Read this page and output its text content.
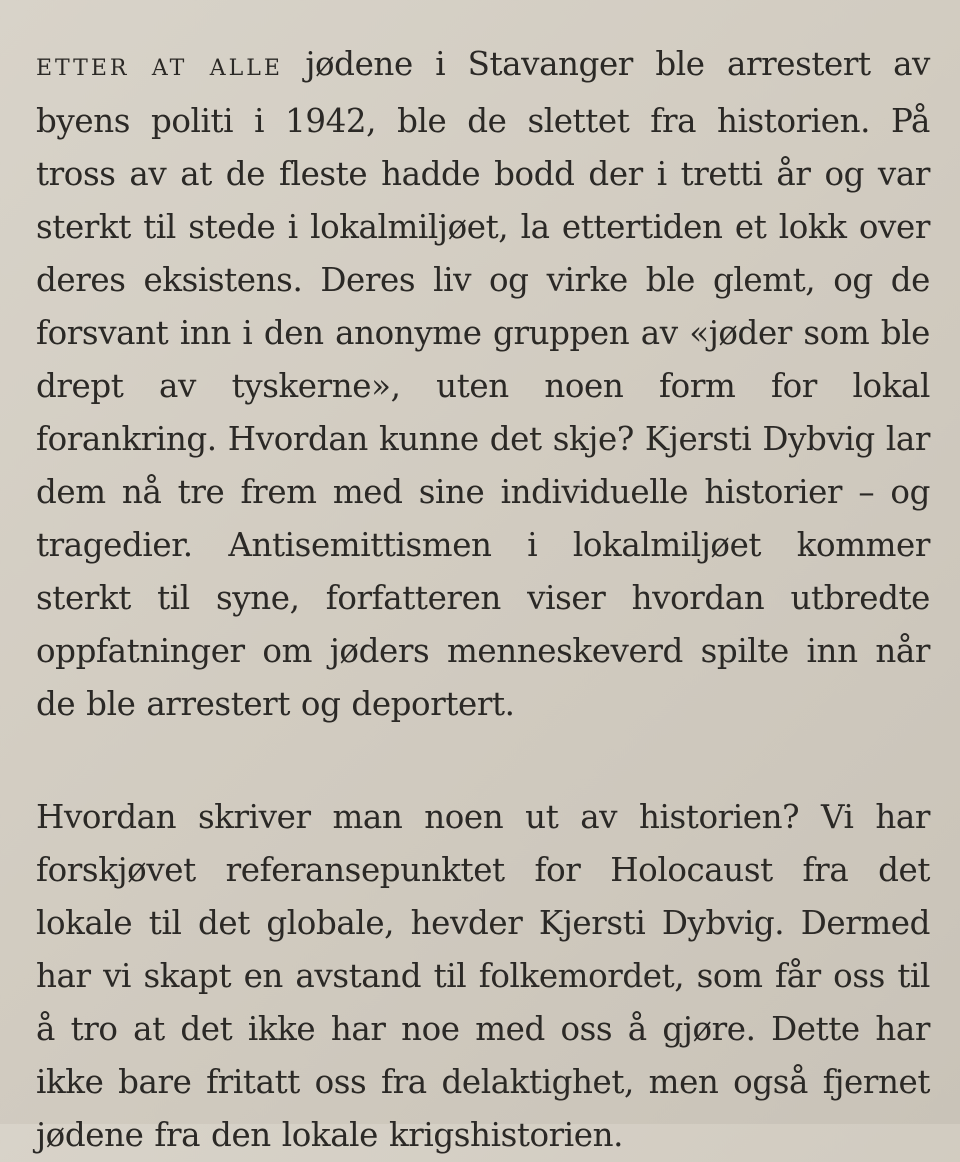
ETTER AT ALLE jødene i Stavanger ble arrestert av byens politi i 1942, ble de slettet fra historien. På tross av at de fleste hadde bodd der i tretti år og var sterkt til stede i lokalmiljøet, la ettertiden et lokk over deres eksistens. Deres liv og virke ble glemt, og de forsvant inn i den anonyme gruppen av «jøder som ble drept av tyskerne», uten noen form for lokal forankring. Hvordan kunne det skje? Kjersti Dybvig lar dem nå tre frem med sine individuelle historier – og tragedier. Antisemittismen i lokalmiljøet kommer sterkt til syne, forfatteren viser hvordan utbredte oppfatninger om jøders menneskeverd spilte inn når de ble arrestert og deportert.

Hvordan skriver man noen ut av historien? Vi har forskjøvet referansepunktet for Holocaust fra det lokale til det globale, hevder Kjersti Dybvig. Dermed har vi skapt en avstand til folkemordet, som får oss til å tro at det ikke har noe med oss å gjøre. Dette har ikke bare fritatt oss fra delaktighet, men også fjernet jødene fra den lokale krigshistorien.
